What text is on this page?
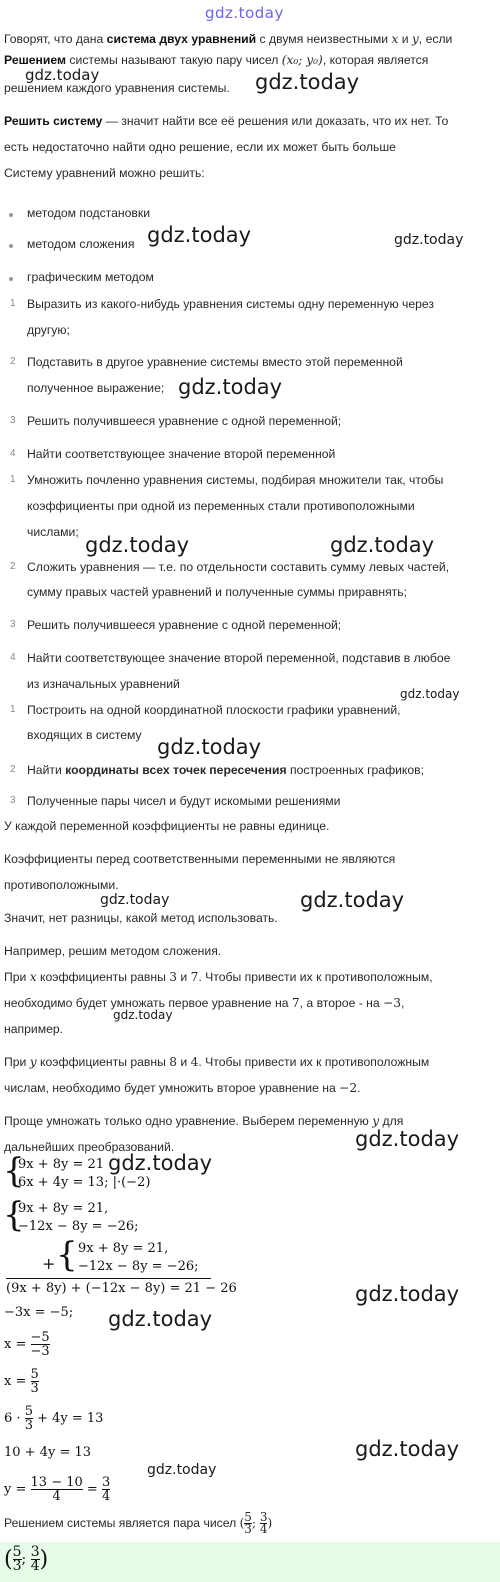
gdz.today
Говорят, что дана система двух уравнений с двумя неизвестными x и y, если
Решением системы называют такую пару чисел (x₀; y₀), которая является
gdz.today
решением каждого уравнения системы. gdz.today
Решить систему — значит найти все её решения или доказать, что их нет. То
есть недостаточно найти одно решение, если их может быть больше
Систему уравнений можно решить:
методом подстановки
методом сложения gdz.today	gdz.today
графическим методом
1 Выразить из какого-нибудь уравнения системы одну переменную через
другую;
2 Подставить в другое уравнение системы вместо этой переменной
полученное выражение; gdz.today
3 Решить получившееся уравнение с одной переменной;
4 Найти соответствующее значение второй переменной
1 Умножить почленно уравнения системы, подбирая множители так, чтобы
коэффициенты при одной из переменных стали противоположными
числами;
gdz.today	gdz.today
2 Сложить уравнения — т.е. по отдельности составить сумму левых частей,
сумму правых частей уравнений и полученные суммы приравнять;
3 Решить получившееся уравнение с одной переменной;
4 Найти соответствующее значение второй переменной, подставив в любое
из изначальных уравнений
gdz.today
1 Построить на одной координатной плоскости графики уравнений,
входящих в систему gdz.today
2 Найти координаты всех точек пересечения построенных графиков;
3 Полученные пары чисел и будут искомыми решениями
У каждой переменной коэффициенты не равны единице.
Коэффициенты перед соответственными переменными не являются
противоположными.
gdz.today	gdz.today
Значит, нет разницы, какой метод использовать.
Например, решим методом сложения.
При x коэффициенты равны 3 и 7. Чтобы привести их к противоположным,
необходимо будет умножать первое уравнение на 7, а второе - на −3,
gdz.today
например.
При y коэффициенты равны 8 и 4. Чтобы привести их к противоположным
числам, необходимо будет умножить второе уравнение на −2.
Проще умножать только одно уравнение. Выберем переменную y для
gdz.today
дальнейших преобразований.
{
9x + 8y = 21
6x + 4y = 13; |·(−2)
gdz.today
{
9x + 8y = 21,
−12x − 8y = −26;
+ { 9x + 8y = 21,
−12x − 8y = −26;
(9x + 8y) + (−12x − 8y) = 21 − 26	gdz.today
−3x = −5; gdz.today
$x = \frac{-5}{-3}$
$x = \frac{5}{3}$
$6 \cdot \frac{5}{3} + 4y = 13$
10 + 4y = 13	gdz.today
gdz.today
$y = \frac{13 - 10}{4} = \frac{3}{4}$
Решением системы является пара чисел ( $\frac{5}{3}$ ; $\frac{3}{4}$ )
( $\frac{5}{3}$ ; $\frac{3}{4}$ )
